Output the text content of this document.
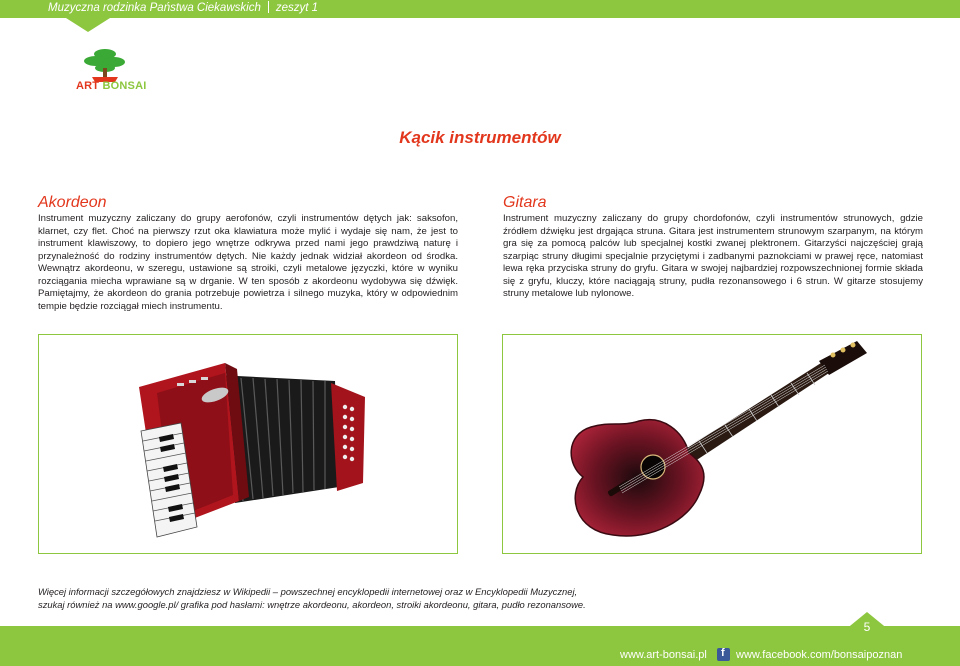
Muzyczna rodzinka Państwa Ciekawskich zeszyt 1
ART BONSAI
Kącik instrumentów
Akordeon
Instrument muzyczny zaliczany do grupy aerofonów, czyli instrumentów dętych jak: saksofon, klarnet, czy flet. Choć na pierwszy rzut oka klawiatura może mylić i wydaje się nam, że jest to instrument klawiszowy, to dopiero jego wnętrze odkrywa przed nami jego prawdziwą naturę i przynależność do rodziny instrumentów dętych. Nie każdy jednak widział akordeon od środka. Wewnątrz akordeonu, w szeregu, ustawione są stroiki, czyli metalowe języczki, które w wyniku rozciągania miecha wprawiane są w drganie. W ten sposób z akordeonu wydobywa się dźwięk. Pamiętajmy, że akordeon do grania potrzebuje powietrza i silnego muzyka, który w odpowiednim tempie będzie rozciągał miech instrumentu.
Gitara
Instrument muzyczny zaliczany do grupy chordofonów, czyli instrumentów strunowych, gdzie źródłem dźwięku jest drgająca struna. Gitara jest instrumentem strunowym szarpanym, na którym gra się za pomocą palców lub specjalnej kostki zwanej plektronem. Gitarzyści najczęściej grają szarpiąc struny długimi specjalnie przyciętymi i zadbanymi paznokciami w prawej ręce, natomiast lewa ręka przyciska struny do gryfu. Gitara w swojej najbardziej rozpowszechnionej formie składa się z gryfu, kluczy, które naciągają struny, pudła rezonansowego i 6 strun. W gitarze stosujemy struny metalowe lub nylonowe.
Więcej informacji szczegółowych znajdziesz w Wikipedii – powszechnej encyklopedii internetowej oraz w Encyklopedii Muzycznej,
szukaj również na www.google.pl/ grafika pod hasłami: wnętrze akordeonu, akordeon, stroiki akordeonu, gitara, pudło rezonansowe.
5
www.art-bonsai.pl f www.facebook.com/bonsaipoznan
